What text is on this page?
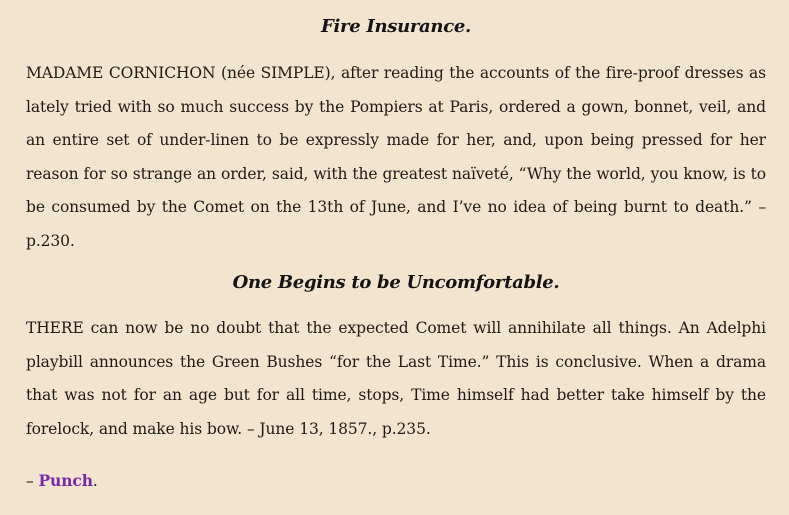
Fire Insurance.

MADAME CORNICHON (née SIMPLE), after reading the accounts of the fire-proof dresses as lately tried with so much success by the Pompiers at Paris, ordered a gown, bonnet, veil, and an entire set of under-linen to be expressly made for her, and, upon being pressed for her reason for so strange an order, said, with the greatest naïveté, “Why the world, you know, is to be consumed by the Comet on the 13th of June, and I’ve no idea of being burnt to death.” – p.230.

One Begins to be Uncomfortable.

THERE can now be no doubt that the expected Comet will annihilate all things. An Adelphi playbill announces the Green Bushes “for the Last Time.” This is conclusive. When a drama that was not for an age but for all time, stops, Time himself had better take himself by the forelock, and make his bow. – June 13, 1857., p.235.

– Punch.
